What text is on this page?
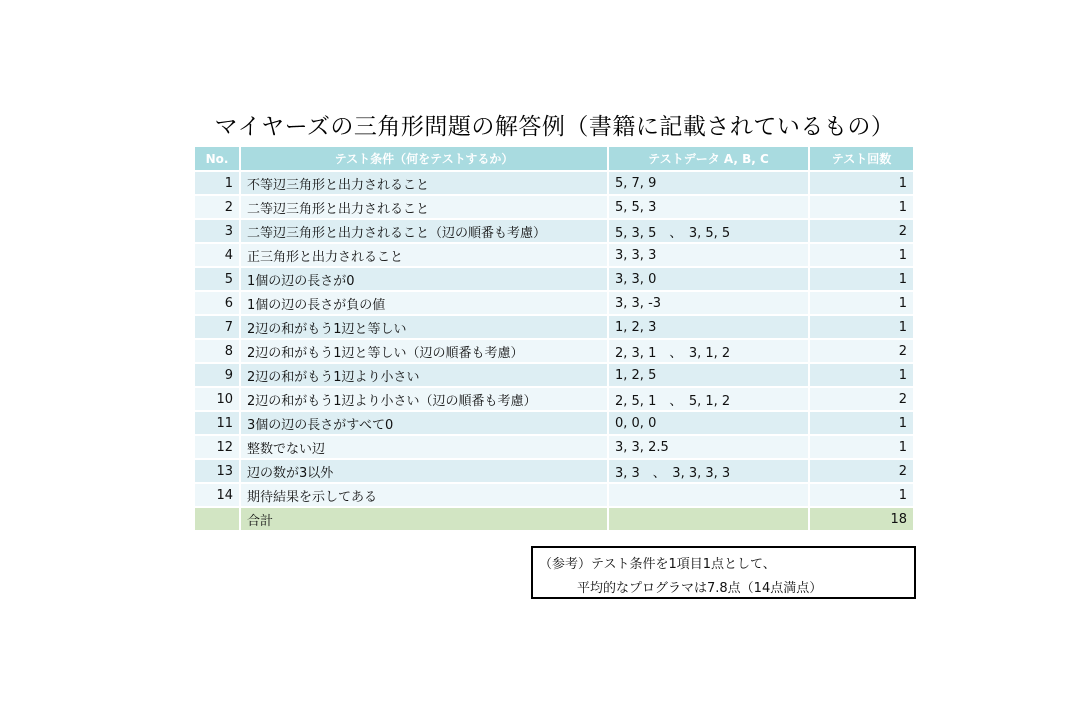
マイヤーズの三角形問題の解答例（書籍に記載されているもの）
No.	テスト条件（何をテストするか）	テストデータ A, B, C	テスト回数
1	不等辺三角形と出力されること	5, 7, 9	1
2	二等辺三角形と出力されること	5, 5, 3	1
3	二等辺三角形と出力されること（辺の順番も考慮）	5, 3, 5　、　3, 5, 5	2
4	正三角形と出力されること	3, 3, 3	1
5	1個の辺の長さが0	3, 3, 0	1
6	1個の辺の長さが負の値	3, 3, -3	1
7	2辺の和がもう1辺と等しい	1, 2, 3	1
8	2辺の和がもう1辺と等しい（辺の順番も考慮）	2, 3, 1　、　3, 1, 2	2
9	2辺の和がもう1辺より小さい	1, 2, 5	1
10	2辺の和がもう1辺より小さい（辺の順番も考慮）	2, 5, 1　、　5, 1, 2	2
11	3個の辺の長さがすべて0	0, 0, 0	1
12	整数でない辺	3, 3, 2.5	1
13	辺の数が3以外	3, 3　、　3, 3, 3, 3	2
14	期待結果を示してある		1
	合計		18
（参考）テスト条件を1項目1点として、
平均的なプログラマは7.8点（14点満点）
